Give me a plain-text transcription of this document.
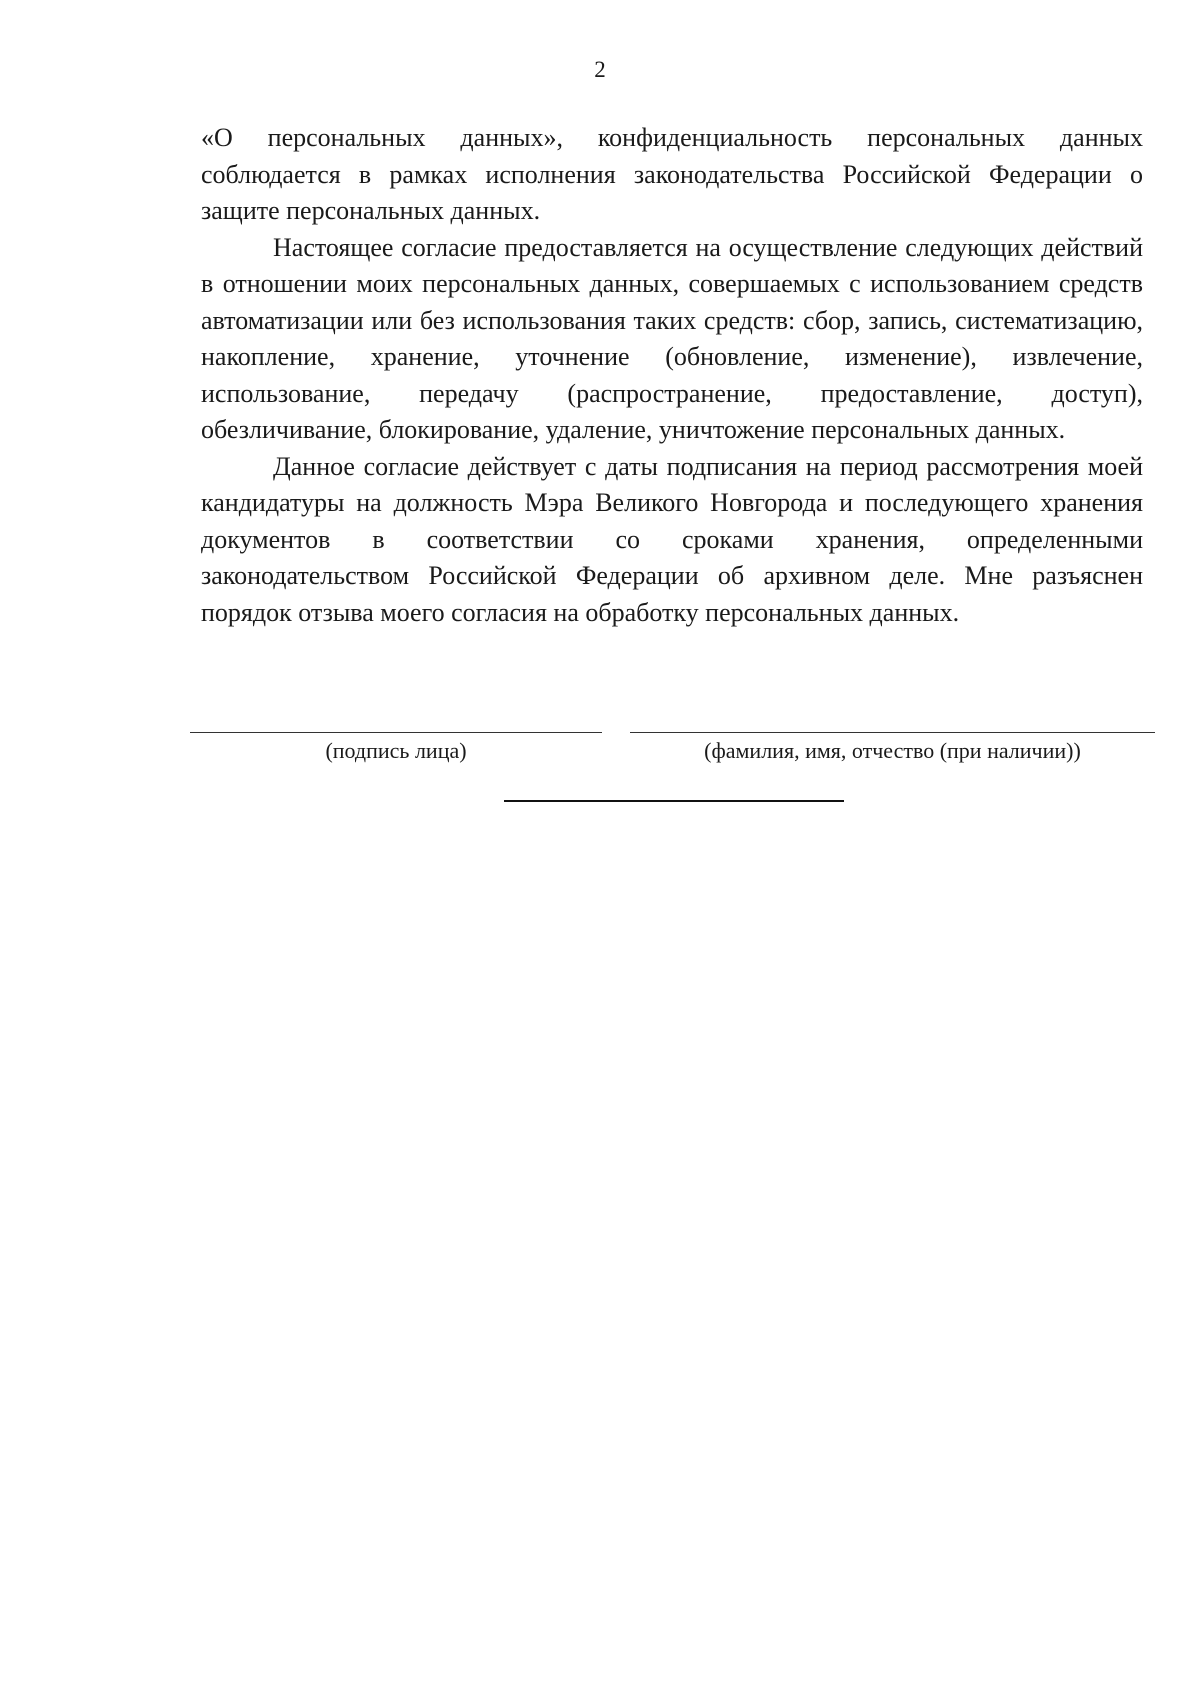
2

«О персональных данных», конфиденциальность персональных данных соблюдается в рамках исполнения законодательства Российской Федерации о защите персональных данных.

Настоящее согласие предоставляется на осуществление следующих действий в отношении моих персональных данных, совершаемых с использованием средств автоматизации или без использования таких средств: сбор, запись, систематизацию, накопление, хранение, уточнение (обновление, изменение), извлечение, использование, передачу (распространение, предоставление, доступ), обезличивание, блокирование, удаление, уничтожение персональных данных.

Данное согласие действует с даты подписания на период рассмотрения моей кандидатуры на должность Мэра Великого Новгорода и последующего хранения документов в соответствии со сроками хранения, определенными законодательством Российской Федерации об архивном деле. Мне разъяснен порядок отзыва моего согласия на обработку персональных данных.

(подпись лица)	(фамилия, имя, отчество (при наличии))
